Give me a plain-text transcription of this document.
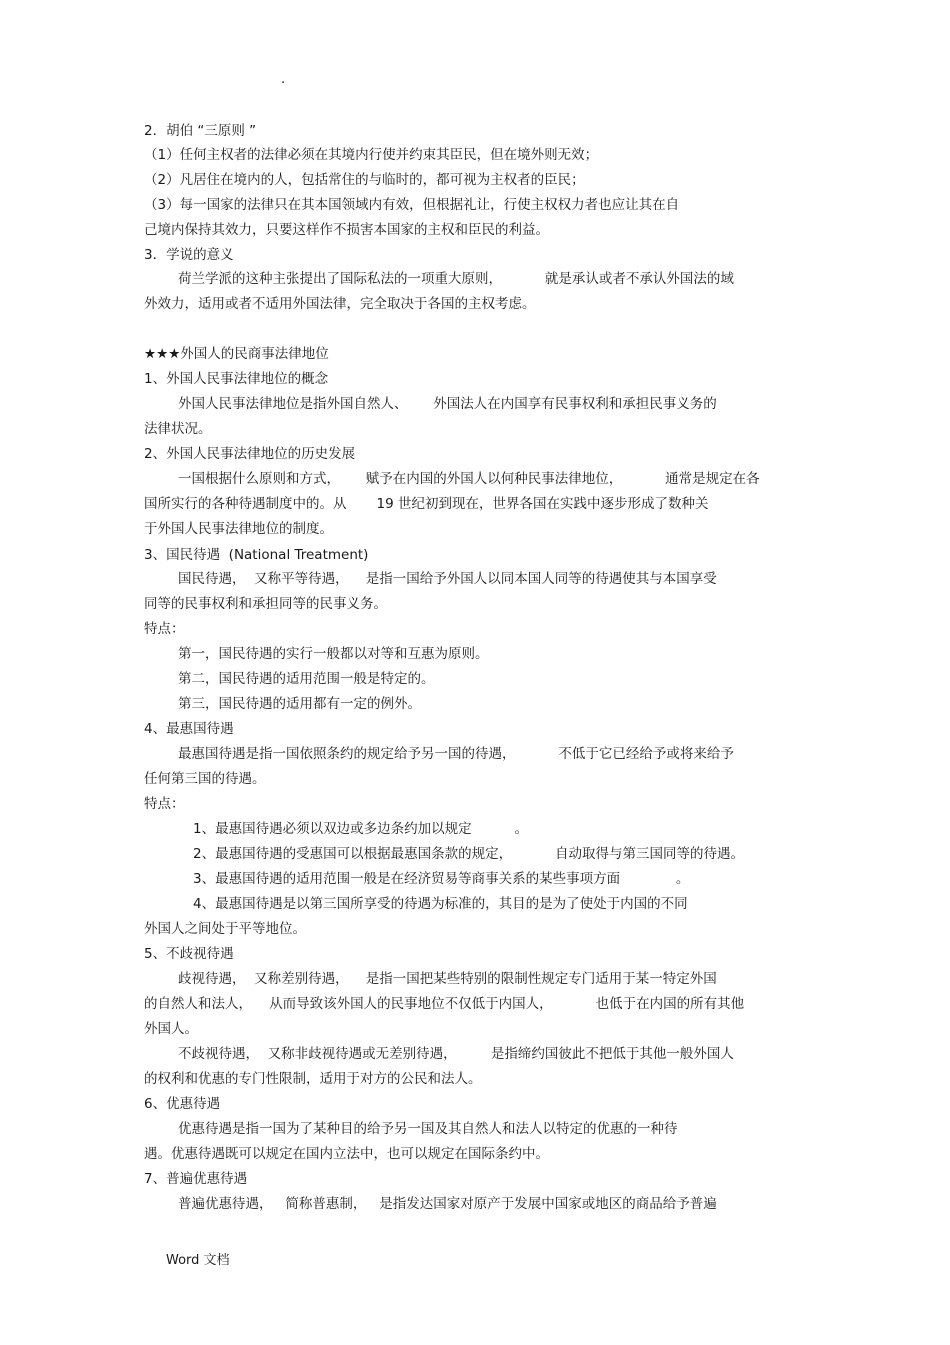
.
2．胡伯 “三原则 ”
（1）任何主权者的法律必须在其境内行使并约束其臣民，但在境外则无效；
（2）凡居住在境内的人，包括常住的与临时的，都可视为主权者的臣民；
（3）每一国家的法律只在其本国领域内有效，但根据礼让，行使主权权力者也应让其在自
己境内保持其效力，只要这样作不损害本国家的主权和臣民的利益。
3．学说的意义
荷兰学派的这种主张提出了国际私法的一项重大原则，          就是承认或者不承认外国法的域
外效力，适用或者不适用外国法律，完全取决于各国的主权考虑。
★★★外国人的民商事法律地位
1、外国人民事法律地位的概念
外国人民事法律地位是指外国自然人、      外国法人在内国享有民事权利和承担民事义务的
法律状况。
2、外国人民事法律地位的历史发展
一国根据什么原则和方式，      赋予在内国的外国人以何种民事法律地位，          通常是规定在各
国所实行的各种待遇制度中的。从       19 世纪初到现在，世界各国在实践中逐步形成了数种关
于外国人民事法律地位的制度。
3、国民待遇  (National Treatment)
国民待遇，  又称平等待遇，    是指一国给予外国人以同本国人同等的待遇使其与本国享受
同等的民事权利和承担同等的民事义务。
特点：
第一，国民待遇的实行一般都以对等和互惠为原则。
第二，国民待遇的适用范围一般是特定的。
第三，国民待遇的适用都有一定的例外。
4、最惠国待遇
最惠国待遇是指一国依照条约的规定给予另一国的待遇，          不低于它已经给予或将来给予
任何第三国的待遇。
特点：
1、最惠国待遇必须以双边或多边条约加以规定          。
2、最惠国待遇的受惠国可以根据最惠国条款的规定，          自动取得与第三国同等的待遇。
3、最惠国待遇的适用范围一般是在经济贸易等商事关系的某些事项方面             。
4、最惠国待遇是以第三国所享受的待遇为标准的，其目的是为了使处于内国的不同
外国人之间处于平等地位。
5、不歧视待遇
歧视待遇，  又称差别待遇，    是指一国把某些特别的限制性规定专门适用于某一特定外国
的自然人和法人，    从而导致该外国人的民事地位不仅低于内国人，          也低于在内国的所有其他
外国人。
不歧视待遇，  又称非歧视待遇或无差别待遇，        是指缔约国彼此不把低于其他一般外国人
的权利和优惠的专门性限制，适用于对方的公民和法人。
6、优惠待遇
优惠待遇是指一国为了某种目的给予另一国及其自然人和法人以特定的优惠的一种待
遇。优惠待遇既可以规定在国内立法中，也可以规定在国际条约中。
7、普遍优惠待遇
普遍优惠待遇，   简称普惠制，   是指发达国家对原产于发展中国家或地区的商品给予普遍
Word 文档
